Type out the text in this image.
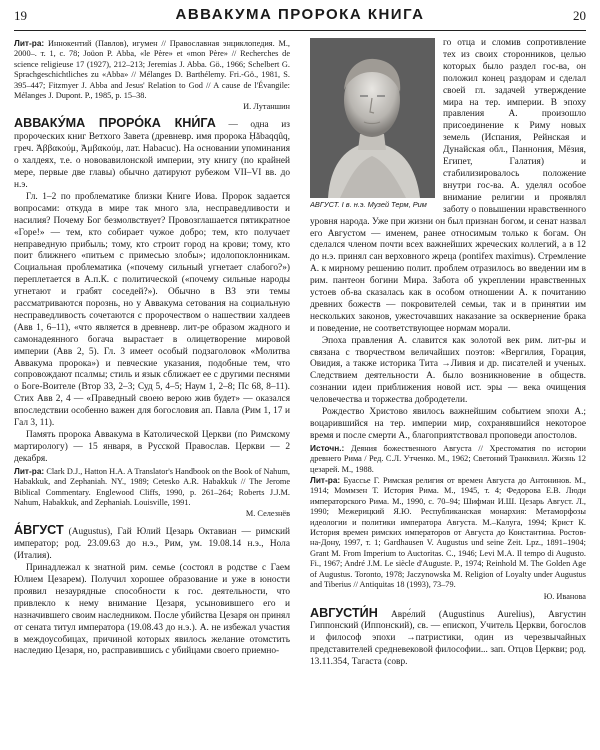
19	АВВАКУМА ПРОРОКА КНИГА	20

Лит-ра: Иннокентий (Павлов), игумен // Православная энциклопедия. М., 2000–. т. 1, с. 78; Joüon P. Abba, «le Père» et «mon Père» // Recherches de science religieuse 17 (1927), 212–213; Jeremias J. Abba. Gö., 1966; Schelbert G. Sprachgeschichtliches zu «Abba» // Mélanges D. Barthélemy. Fri.-Gö., 1981, S. 395–447; Fitzmyer J. Abba and Jesus' Relation to God // A cause de l'Évangile: Mélanges J. Dupont. P., 1985, p. 15–38.

И. Лутаншин

АВВАКУ́МА ПРОРО́КА КНИ́ГА — одна из пророческих книг Ветхого Завета (древневр. имя пророка Ḥăbaqqûq, греч. Ἀββακούμ, Ἀμβακούμ, лат. Habacuc). На основании упоминания о халдеях, т.е. о нововавилонской империи, эту книгу (по крайней мере, первые две главы) обычно датируют рубежом VII–VI вв. до н.э.

Гл. 1–2 по проблематике близки Книге Иова. Пророк задается вопросами: откуда в мире так много зла, несправедливости и насилия? Почему Бог безмолвствует? Провозглашается пятикратное «Горе!» — тем, кто собирает чужое добро; тем, кто получает неправедную прибыль; тому, кто строит город на крови; тому, кто поит ближнего «питьем с примесью злобы»; идолопоклонникам. Социальная проблематика («почему сильный угнетает слабого?») переплетается в А.п.К. с политической («почему сильные народы угнетают и грабят соседей?»). Обычно в ВЗ эти темы рассматриваются порознь, но у Аввакума сетования на социальную несправедливость сочетаются с пророчеством о нашествии халдеев (Авв 1, 6–11), «что является в древневр. лит-ре образом жадного и самонадеянного богача вырастает в олицетворение мировой империи (Авв 2, 5). Гл. 3 имеет особый подзаголовок «Молитва Аввакума пророка») и певческие указания, подобные тем, что сопровождают псалмы; стиль и язык сближает ее с другими песнями о Боге-Воителе (Втор 33, 2–3; Суд 5, 4–5; Наум 1, 2–8; Пс 68, 8–11). Стих Авв 2, 4 — «Праведный своею верою жив будет» — оказался впоследствии особенно важен для богословия ап. Павла (Рим 1, 17 и Гал 3, 11).

Память пророка Аввакума в Католической Церкви (по Римскому мартирологу) — 15 января, в Русской Православ. Церкви — 2 декабря.

Лит-ра: Clark D.J., Hatton H.A. A Translator's Handbook on the Book of Nahum, Habakkuk, and Zephaniah. NY., 1989; Cetesko A.R. Habakkuk // The Jerome Biblical Commentary. Englewood Cliffs, 1990, p. 261–264; Roberts J.J.M. Nahum, Habakkuk, and Zephaniah. Louisville, 1991.

М. Селезнёв

А́ВГУСТ (Augustus), Гай Юлий Цезарь Октавиан — римский император; род. 23.09.63 до н.э., Рим, ум. 19.08.14 н.э., Нола (Италия).

Принадлежал к знатной рим. семье (состоял в родстве с Гаем Юлием Цезарем). Получил хорошее образование и уже в юности проявил незаурядные способности к гос. деятельности, что привлекло к нему внимание Цезаря, усыновившего его и назначившего своим наследником. После убийства Цезаря он принял от сената титул императора (19.08.43 до н.э.). А. не избежал участия в междоусобицах, причиной которых явилось желание отомстить наследию Цезаря, но, расправившись с убийцами своего приемно-

АВГУСТ. I в. н.э. Музей Терм, Рим

го отца и сломив сопротивление тех из своих сторонников, целью которых было раздел гос-ва, он положил конец раздорам и сделал своей гл. задачей утверждение мира на тер. империи. В эпоху правления А. произошло присоединение к Риму новых земель (Испания, Рейнская и Дунайская обл., Паннония, Мёзия, Египет, Галатия) и стабилизировалось положение внутри гос-ва. А. уделял особое внимание религии и проявлял заботу о повышении нравственного уровня народа. Уже при жизни он был признан богом, и сенат назвал его Августом — именем, ранее относимым только к богам. Он сделался членом почти всех важнейших жреческих коллегий, а в 12 до н.э. принял сан верховного жреца (pontifex maximus). Стремление А. к мирному решению полит. проблем отразилось во введении им в рим. пантеон богини Мира. Забота об укреплении нравственных устоев об-ва сказалась как в особом отношении А. к почитанию древних божеств — покровителей семьи, так и в принятии им нескольких законов, ужесточавших наказание за осквернение брака и поведение, не соответствующее нормам морали.

Эпоха правления А. славится как золотой век рим. лит-ры и связана с творчеством величайших поэтов: «Вергилия, Горация, Овидия, а также историка Тита →Ливия и др. писателей и ученых. Следствием деятельности А. было возникновение в обществ. сознании идеи приближения новой ист. эры — века очищения человечества и торжества добродетели.

Рождество Христово явилось важнейшим событием эпохи А.; воцарившийся на тер. империи мир, сохранявшийся некоторое время и после смерти А., благоприятствовал проповеди апостолов.

Источн.: Деяния божественного Августа // Хрестоматия по истории древнего Рима / Ред. С.Л. Утченко. М., 1962; Светоний Транквилл. Жизнь 12 цезарей. М., 1988.

Лит-ра: Буассье Г. Римская религия от времен Августа до Антонинов. М., 1914; Моммзен Т. История Рима. М., 1945, т. 4; Федорова Е.В. Люди императорского Рима. М., 1990, с. 70–94; Шифман И.Ш. Цезарь Август. Л., 1990; Межерицкий Я.Ю. Республиканская монархия: Метаморфозы идеологии и политики императора Августа. М.–Калуга, 1994; Крист К. История времен римских императоров от Августа до Константина. Ростов-на-Дону, 1997, т. 1; Gardhausen V. Augustus und seine Zeit. Lpz., 1891–1904; Grant M. From Imperium to Auctoritas. C., 1946; Levi M.A. Il tempo di Augusto. Fi., 1967; André J.M. Le siècle d'Auguste. P., 1974; Reinhold M. The Golden Age of Augustus. Toronto, 1978; Jaczynowska M. Religion of Loyalty under Augustus and Tiberius // Antiquitas 18 (1993), 73–79.

Ю. Иванова

АВГУСТИ́Н Авре́лий (Augustinus Aurelius), Августин Гиппонский (Иппонский), св. — епископ, Учитель Церкви, богослов и философ эпохи →патристики, один из черезвычайных представителей средневековой философии... зап. Отцов Церкви; род. 13.11.354, Тагаста (совр.
